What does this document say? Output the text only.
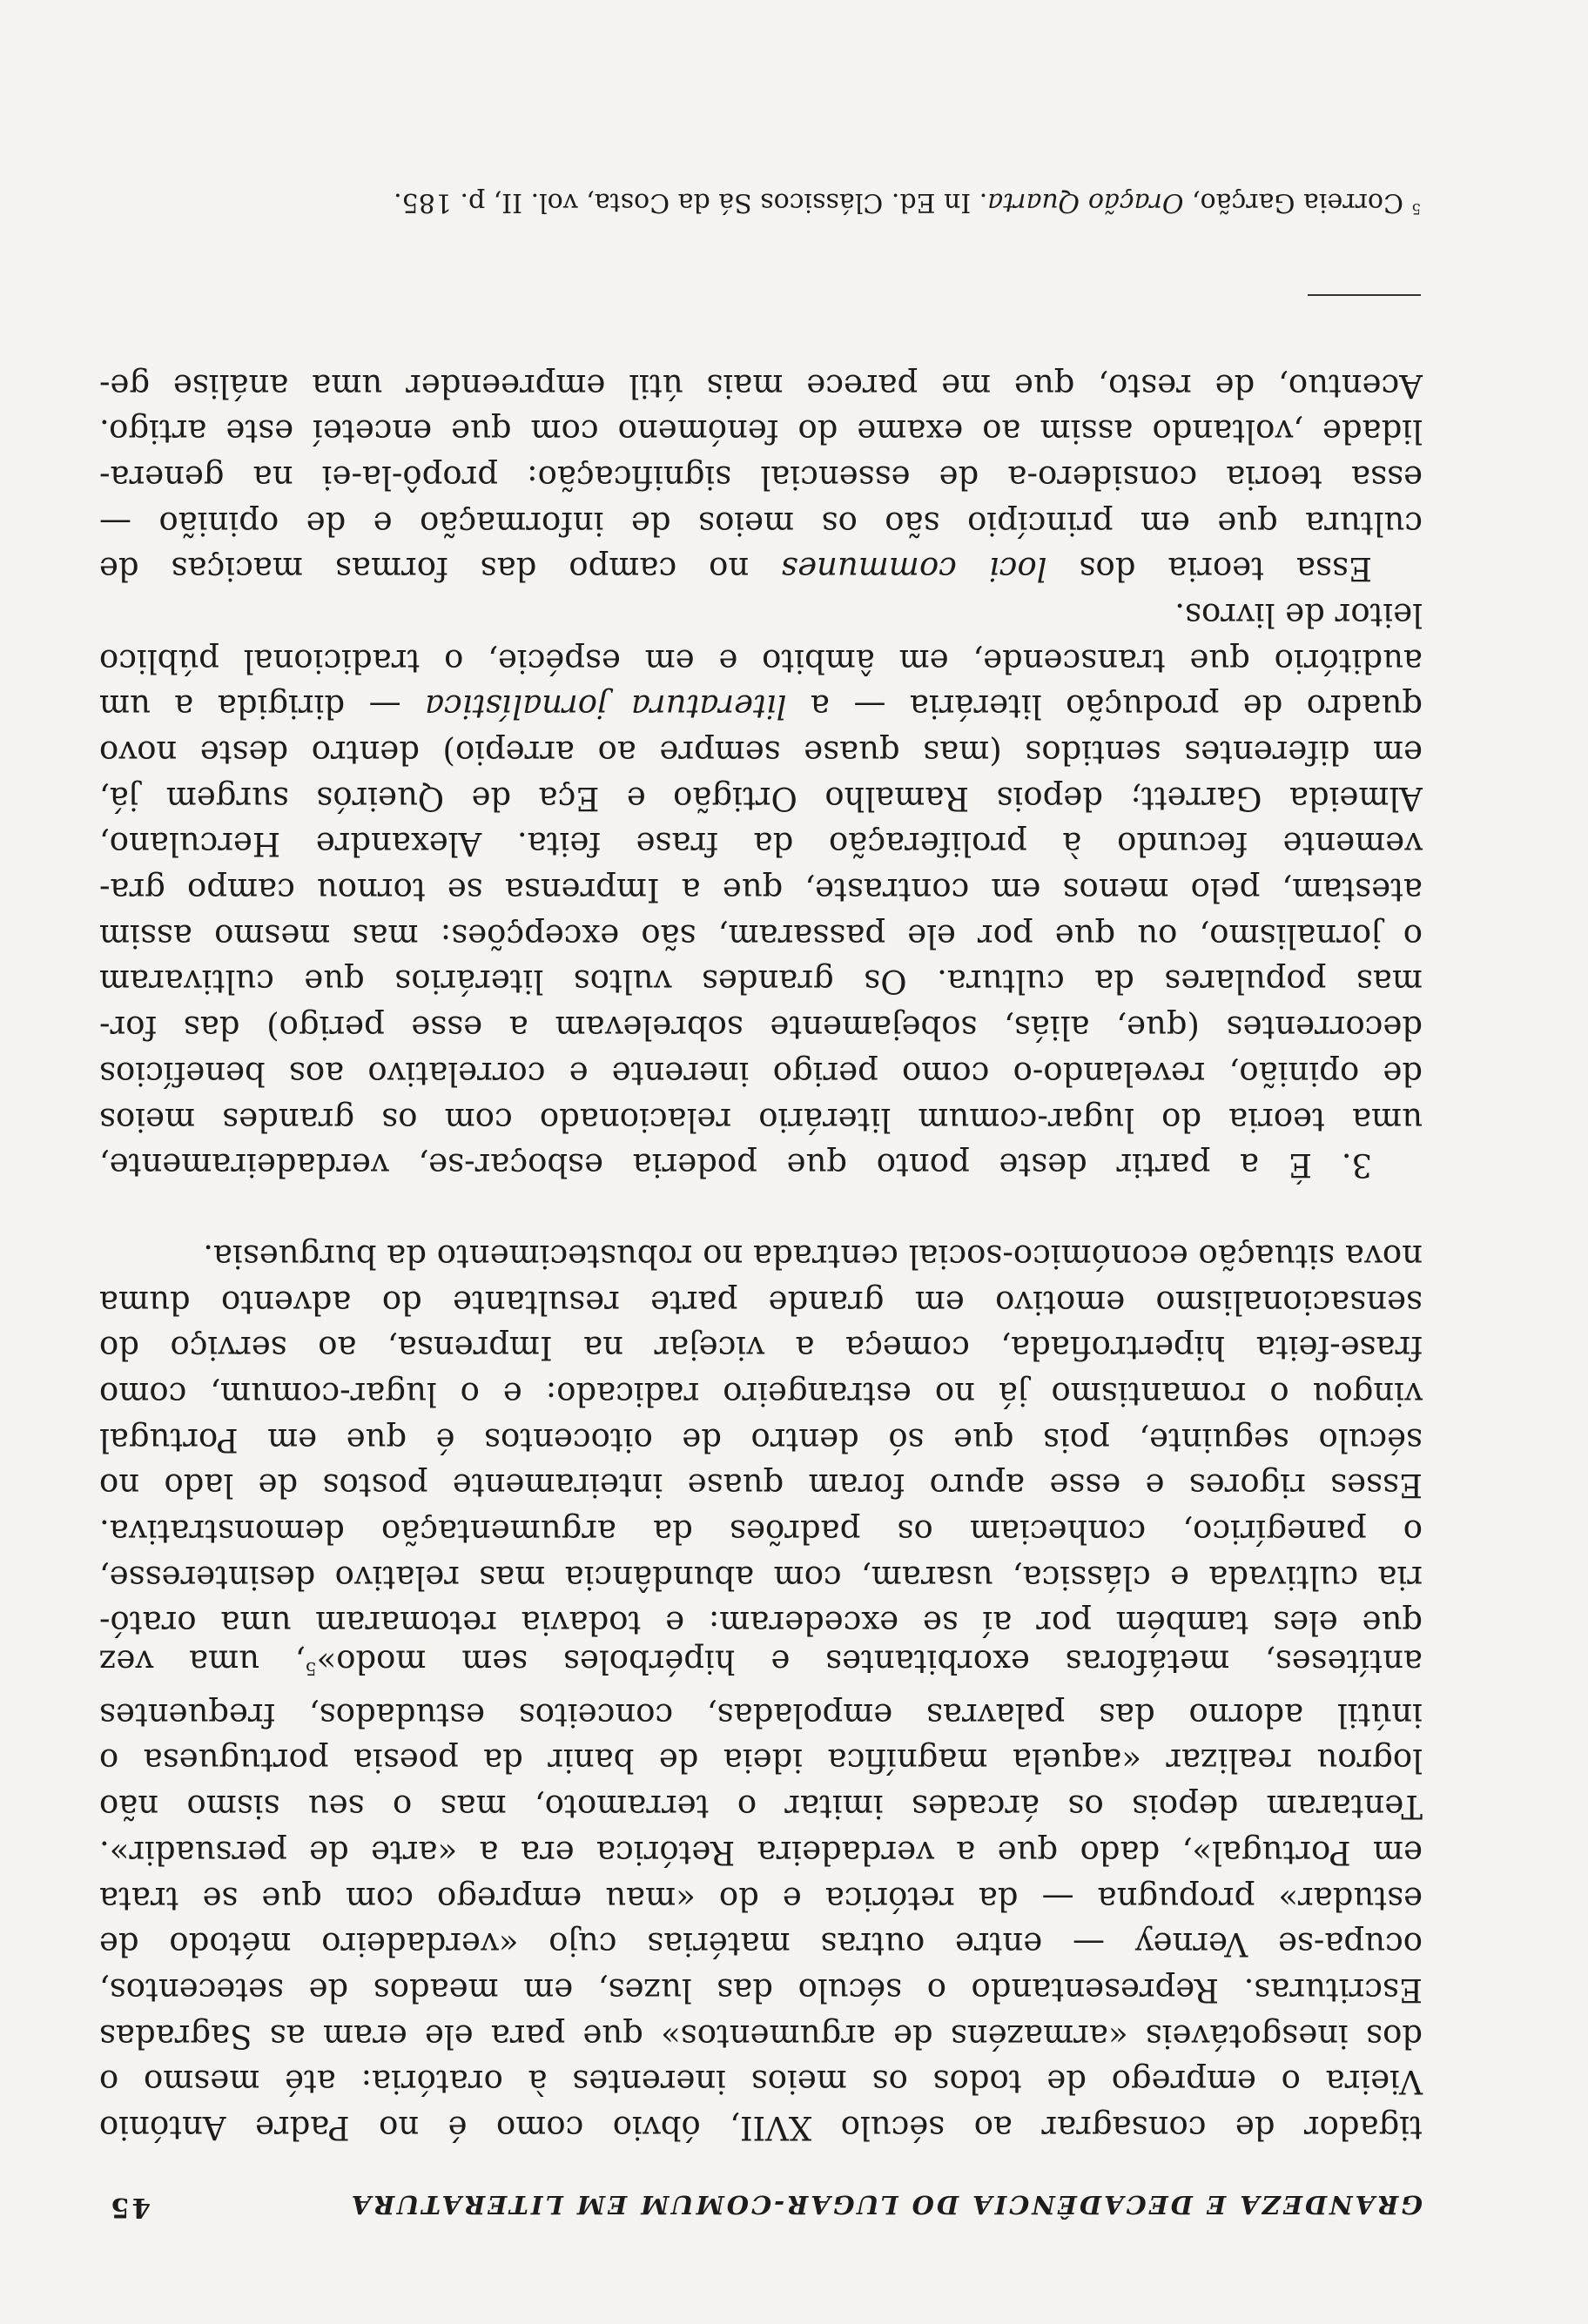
GRANDEZA E DECADÊNCIA DO LUGAR-COMUM EM LITERATURA
45
tigador de consagrar ao século XVII, óbvio como é no Padre António
Vieira o emprego de todos os meios inerentes à oratória: até mesmo o
dos inesgotáveis «armazéns de argumentos» que para ele eram as Sagradas
Escrituras. Representando o século das luzes, em meados de setecentos,
ocupa-se Verney — entre outras matérias cujo «verdadeiro método de
estudar» propugna — da retórica e do «mau emprego com que se trata
em Portugal», dado que a verdadeira Retórica era a «arte de persuadir».
Tentaram depois os árcades imitar o terramoto, mas o seu sismo não
logrou realizar «aquela magnífica ideia de banir da poesia portuguesa o
inútil adorno das palavras empoladas, conceitos estudados, frequentes
antíteses, metáforas exorbitantes e hipérboles sem modo»$^5$, uma vez
que eles também por aí se excederam: e todavia retomaram uma orató-
ria cultivada e clássica, usaram, com abundância mas relativo desinteresse,
o panegírico, conheciam os padrões da argumentação demonstrativa.
Esses rigores e esse apuro foram quase inteiramente postos de lado no
século seguinte, pois que só dentro de oitocentos é que em Portugal
vingou o romantismo já no estrangeiro radicado: e o lugar-comum, como
frase-feita hipertrofiada, começa a vicejar na Imprensa, ao serviço do
sensacionalismo emotivo em grande parte resultante do advento duma
nova situação económico-social centrada no robustecimento da burguesia.
3. É a partir deste ponto que poderia esboçar-se, verdadeiramente,
uma teoria do lugar-comum literário relacionado com os grandes meios
de opinião, revelando-o como perigo inerente e correlativo aos benefícios
decorrentes (que, aliás, sobejamente sobrelevam a esse perigo) das for-
mas populares da cultura. Os grandes vultos literários que cultivaram
o jornalismo, ou que por ele passaram, são excepções: mas mesmo assim
atestam, pelo menos em contraste, que a Imprensa se tornou campo gra-
vemente fecundo à proliferação da frase feita. Alexandre Herculano,
Almeida Garrett; depois Ramalho Ortigão e Eça de Queirós surgem já,
em diferentes sentidos (mas quase sempre ao arrepio) dentro deste novo
quadro de produção literária — a literatura jornalística — dirigida a um
auditório que transcende, em âmbito e em espécie, o tradicional público
leitor de livros.
Essa teoria dos loci communes no campo das formas maciças de
cultura que em princípio são os meios de informação e de opinião —
essa teoria considero-a de essencial significação: propô-la-ei na genera-
lidade ,voltando assim ao exame do fenómeno com que enceteí este artigo.
Acentuo, de resto, que me parece mais útil empreender uma análise ge-
$^5$ Correia Garção, Oração Quarta. In Ed. Clássicos Sá da Costa, vol. II, p. 185.
